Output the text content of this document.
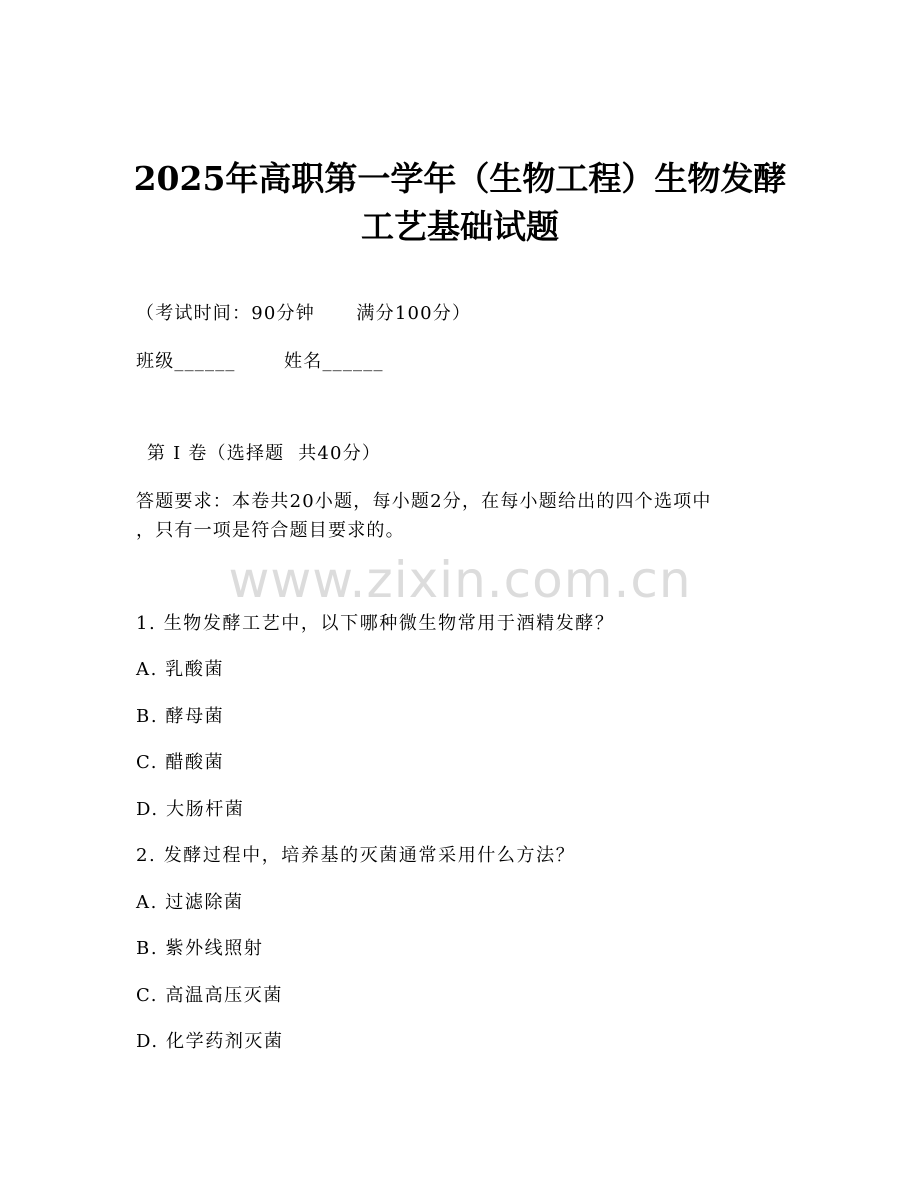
2025年高职第一学年（生物工程）生物发酵
工艺基础试题
（考试时间：90分钟      满分100分）
班级______       姓名______
第 I 卷（选择题  共40分）
答题要求：本卷共20小题，每小题2分，在每小题给出的四个选项中
，只有一项是符合题目要求的。
www.zixin.com.cn
1. 生物发酵工艺中，以下哪种微生物常用于酒精发酵？
A. 乳酸菌
B. 酵母菌
C. 醋酸菌
D. 大肠杆菌
2. 发酵过程中，培养基的灭菌通常采用什么方法？
A. 过滤除菌
B. 紫外线照射
C. 高温高压灭菌
D. 化学药剂灭菌
